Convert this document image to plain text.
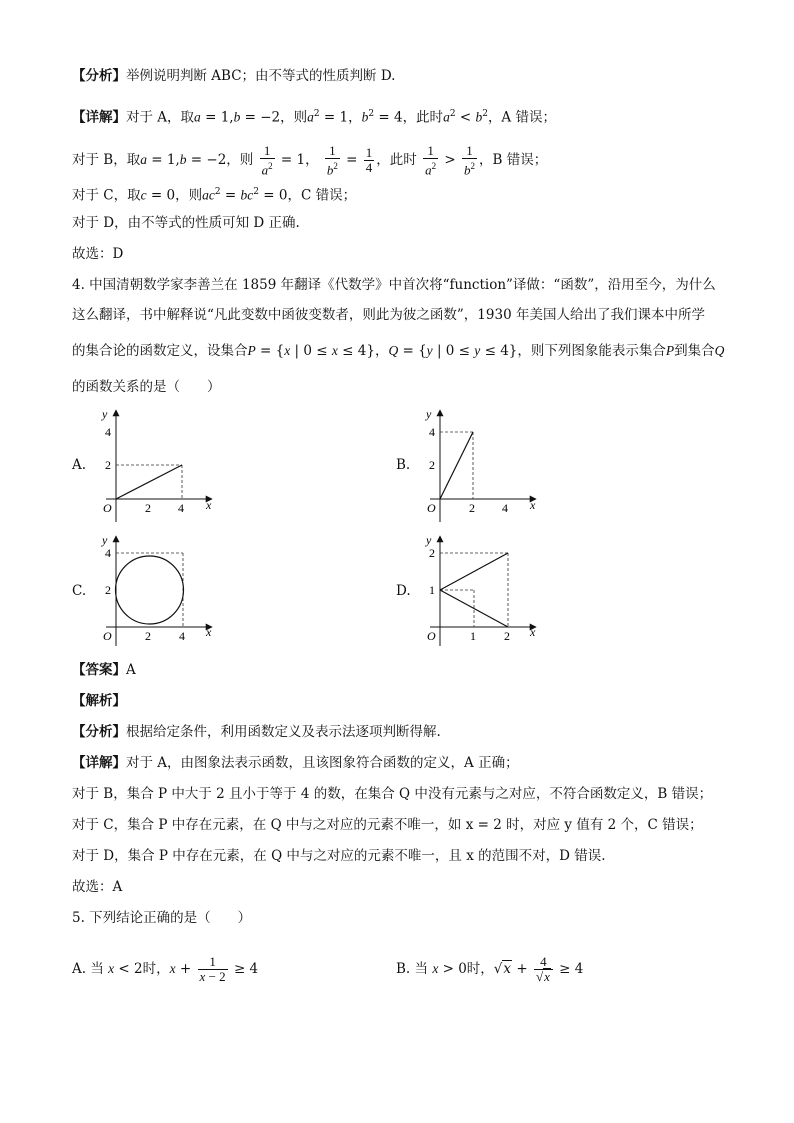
【分析】举例说明判断 ABC；由不等式的性质判断 D.
【详解】对于 A，取a = 1,b = −2，则$a^2 = 1$，$b^2 = 4$，此时$a^2 < b^2$，A 错误；
对于 B，取a = 1,b = −2，则 $\frac{1}{a^2} = 1$， $\frac{1}{b^2} = \frac{1}{4}$ ，此时 $\frac{1}{a^2} > \frac{1}{b^2}$ ，B 错误；
对于 C，取c = 0，则$ac^2 = bc^2 = 0$，C 错误；
对于 D，由不等式的性质可知 D 正确.
故选：D
4. 中国清朝数学家李善兰在 1859 年翻译《代数学》中首次将“function”译做：“函数”，沿用至今，为什么
这么翻译，书中解释说“凡此变数中函彼变数者，则此为彼之函数”，1930 年美国人给出了我们课本中所学
的集合论的函数定义，设集合P = {x | 0 ≤ x ≤ 4}，Q = {y | 0 ≤ y ≤ 4}，则下列图象能表示集合P到集合Q
的函数关系的是（　　）
A.	B.
C.	D.
y
x
O
4
2
2 4
y
x
O
4
2
2 4
y
x
O
4
2
2 4
y
x
O
2
1
1 2
【答案】A
【解析】
【分析】根据给定条件，利用函数定义及表示法逐项判断得解.
【详解】对于 A，由图象法表示函数，且该图象符合函数的定义，A 正确；
对于 B，集合 P 中大于 2 且小于等于 4 的数，在集合 Q 中没有元素与之对应，不符合函数定义，B 错误；
对于 C，集合 P 中存在元素，在 Q 中与之对应的元素不唯一，如 x = 2 时，对应 y 值有 2 个，C 错误；
对于 D，集合 P 中存在元素，在 Q 中与之对应的元素不唯一，且 x 的范围不对，D 错误.
故选：A
5. 下列结论正确的是（　　）
A. 当 x < 2时，$x + \frac{1}{x - 2} \ge 4$	B. 当 x > 0时，$√x + \frac{4}{√x} \ge 4$
